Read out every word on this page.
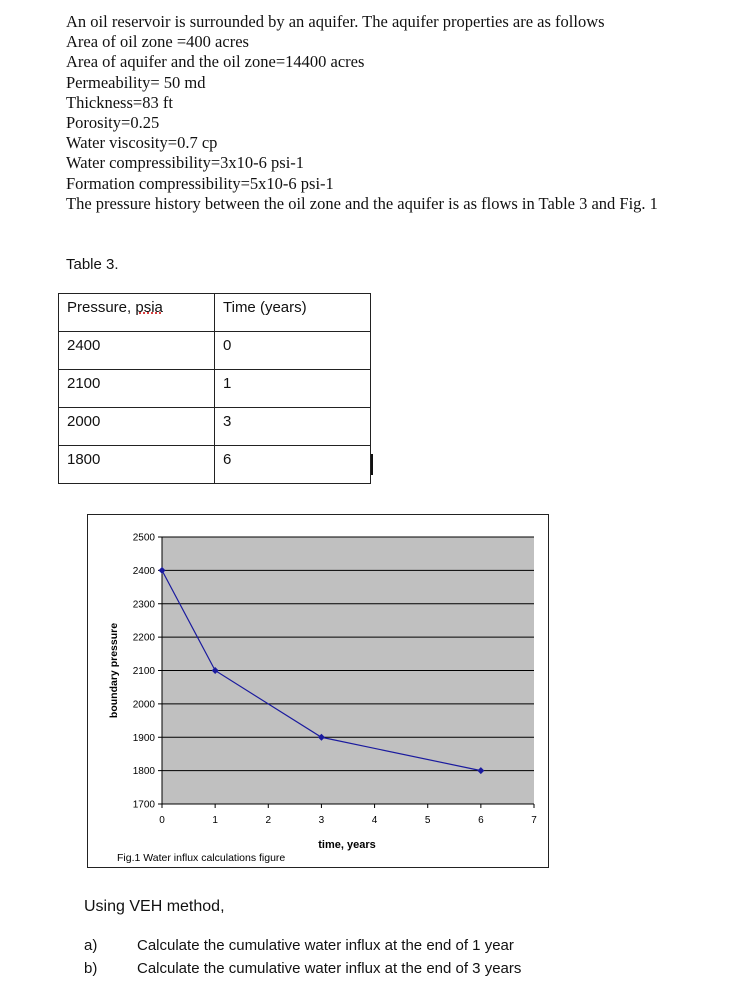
An oil reservoir is surrounded by an aquifer. The aquifer properties are as follows
Area of oil zone =400 acres
Area of aquifer and the oil zone=14400 acres
Permeability= 50 md
Thickness=83 ft
Porosity=0.25
Water viscosity=0.7 cp
Water compressibility=3x10-6 psi-1
Formation compressibility=5x10-6 psi-1
The pressure history between the oil zone and the aquifer is as flows in Table 3 and Fig. 1
Table 3.
Pressure, psia	Time (years)
2400	0
2100	1
2000	3
1800	6
1700
1800
1900
2000
2100
2200
2300
2400
2500
0	1	2	3	4	5	6	7
boundary pressure
time, years
Fig.1 Water influx calculations figure
Using VEH method,
a)	Calculate the cumulative water influx at the end of 1 year
b)	Calculate the cumulative water influx at the end of 3 years
